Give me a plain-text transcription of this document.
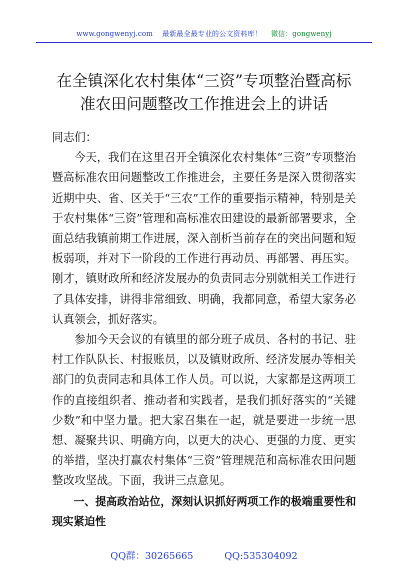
www.gongwenyj.com 最新最全最专业的公文资料库！ 微信：gongwenyj
在全镇深化农村集体“三资”专项整治暨高标
准农田问题整改工作推进会上的讲话

同志们：

今天，我们在这里召开全镇深化农村集体“三资”专项整治暨高标准农田问题整改工作推进会，主要任务是深入贯彻落实近期中央、省、区关于“三农”工作的重要指示精神，特别是关于农村集体“三资”管理和高标准农田建设的最新部署要求，全面总结我镇前期工作进展，深入剖析当前存在的突出问题和短板弱项，并对下一阶段的工作进行再动员、再部署、再压实。刚才，镇财政所和经济发展办的负责同志分别就相关工作进行了具体安排，讲得非常细致、明确，我都同意，希望大家务必认真领会，抓好落实。

参加今天会议的有镇里的部分班子成员、各村的书记、驻村工作队队长、村报账员，以及镇财政所、经济发展办等相关部门的负责同志和具体工作人员。可以说，大家都是这两项工作的直接组织者、推动者和实践者，是我们抓好落实的“关键少数”和中坚力量。把大家召集在一起，就是要进一步统一思想、凝聚共识、明确方向，以更大的决心、更强的力度、更实的举措，坚决打赢农村集体“三资”管理规范和高标准农田问题整改攻坚战。下面，我讲三点意见。

一、提高政治站位，深刻认识抓好两项工作的极端重要性和现实紧迫性

QQ群：30265665	QQ:535304092
